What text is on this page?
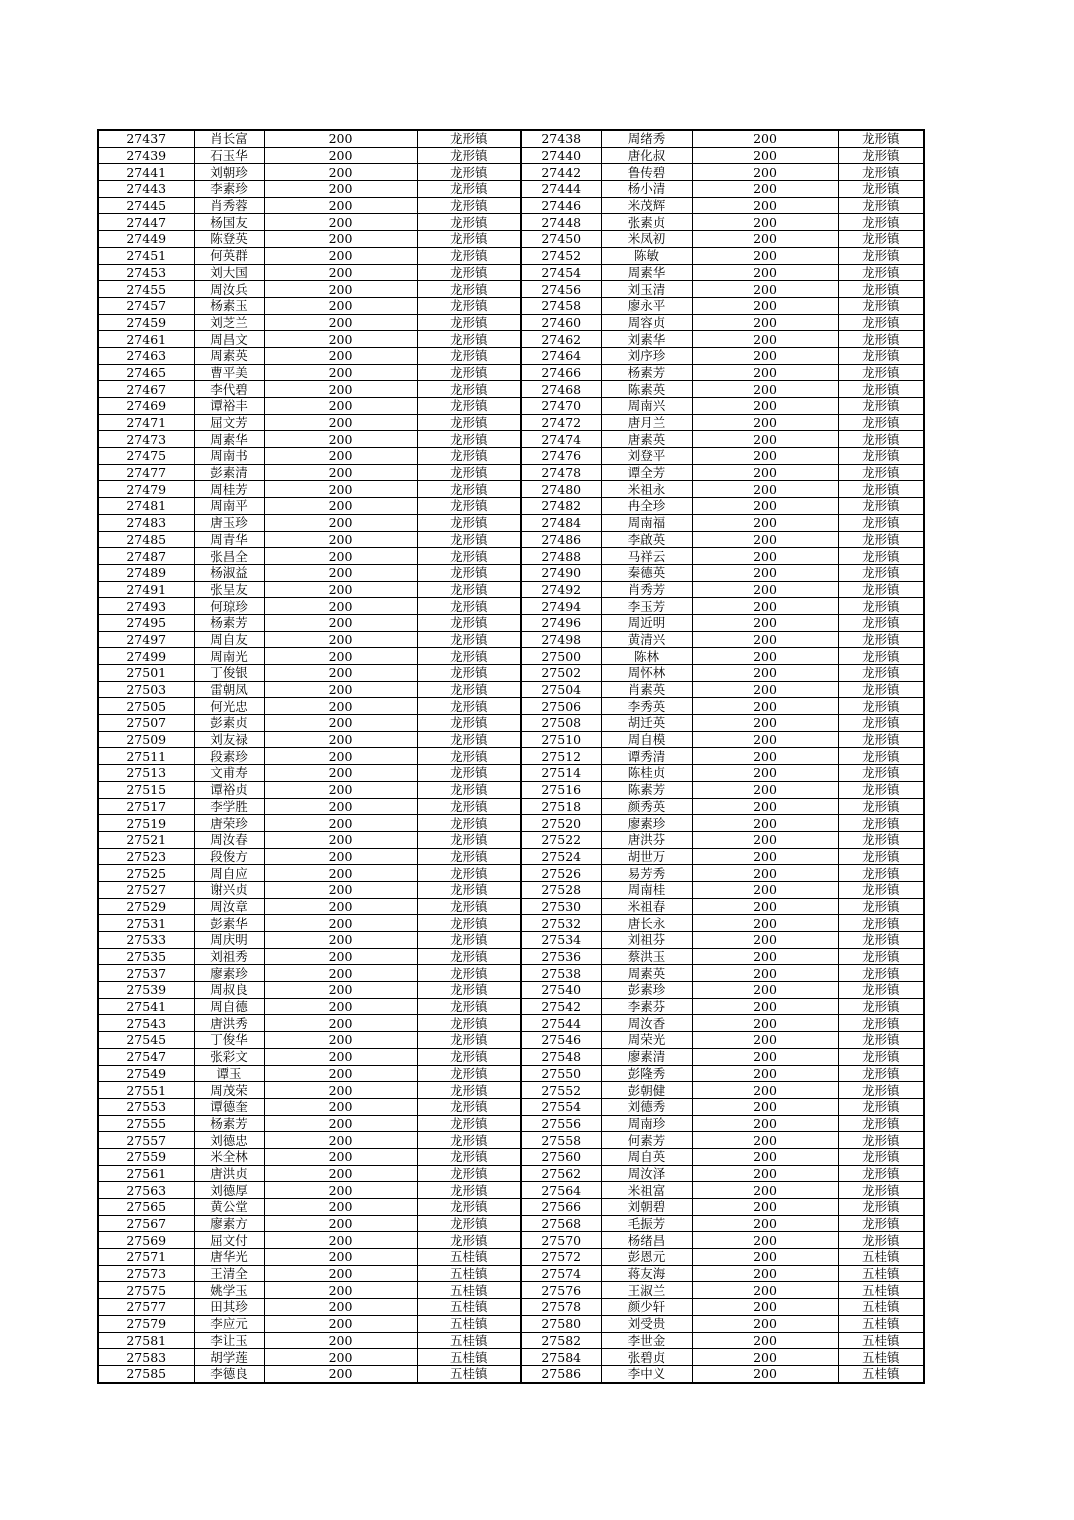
27437	肖长富	200	龙形镇	27438	周绪秀	200	龙形镇
27439	石玉华	200	龙形镇	27440	唐化叔	200	龙形镇
27441	刘朝珍	200	龙形镇	27442	鲁传碧	200	龙形镇
27443	李素珍	200	龙形镇	27444	杨小清	200	龙形镇
27445	肖秀蓉	200	龙形镇	27446	米茂辉	200	龙形镇
27447	杨国友	200	龙形镇	27448	张素贞	200	龙形镇
27449	陈登英	200	龙形镇	27450	米凤初	200	龙形镇
27451	何英群	200	龙形镇	27452	陈敏	200	龙形镇
27453	刘大国	200	龙形镇	27454	周素华	200	龙形镇
27455	周汝兵	200	龙形镇	27456	刘玉清	200	龙形镇
27457	杨素玉	200	龙形镇	27458	廖永平	200	龙形镇
27459	刘芝兰	200	龙形镇	27460	周容贞	200	龙形镇
27461	周昌文	200	龙形镇	27462	刘素华	200	龙形镇
27463	周素英	200	龙形镇	27464	刘序珍	200	龙形镇
27465	曹平美	200	龙形镇	27466	杨素芳	200	龙形镇
27467	李代碧	200	龙形镇	27468	陈素英	200	龙形镇
27469	谭裕丰	200	龙形镇	27470	周南兴	200	龙形镇
27471	屈文芳	200	龙形镇	27472	唐月兰	200	龙形镇
27473	周素华	200	龙形镇	27474	唐素英	200	龙形镇
27475	周南书	200	龙形镇	27476	刘登平	200	龙形镇
27477	彭素清	200	龙形镇	27478	谭全芳	200	龙形镇
27479	周桂芳	200	龙形镇	27480	米祖永	200	龙形镇
27481	周南平	200	龙形镇	27482	冉全珍	200	龙形镇
27483	唐玉珍	200	龙形镇	27484	周南福	200	龙形镇
27485	周青华	200	龙形镇	27486	李啟英	200	龙形镇
27487	张昌全	200	龙形镇	27488	马祥云	200	龙形镇
27489	杨淑益	200	龙形镇	27490	秦德英	200	龙形镇
27491	张呈友	200	龙形镇	27492	肖秀芳	200	龙形镇
27493	何琼珍	200	龙形镇	27494	李玉芳	200	龙形镇
27495	杨素芳	200	龙形镇	27496	周近明	200	龙形镇
27497	周自友	200	龙形镇	27498	黄清兴	200	龙形镇
27499	周南光	200	龙形镇	27500	陈林	200	龙形镇
27501	丁俊银	200	龙形镇	27502	周怀林	200	龙形镇
27503	雷朝凤	200	龙形镇	27504	肖素英	200	龙形镇
27505	何光忠	200	龙形镇	27506	李秀英	200	龙形镇
27507	彭素贞	200	龙形镇	27508	胡迁英	200	龙形镇
27509	刘友禄	200	龙形镇	27510	周自模	200	龙形镇
27511	段素珍	200	龙形镇	27512	谭秀清	200	龙形镇
27513	文甫寿	200	龙形镇	27514	陈桂贞	200	龙形镇
27515	谭裕贞	200	龙形镇	27516	陈素芳	200	龙形镇
27517	李学胜	200	龙形镇	27518	颜秀英	200	龙形镇
27519	唐荣珍	200	龙形镇	27520	廖素珍	200	龙形镇
27521	周汝春	200	龙形镇	27522	唐洪芬	200	龙形镇
27523	段俊方	200	龙形镇	27524	胡世万	200	龙形镇
27525	周自应	200	龙形镇	27526	易芳秀	200	龙形镇
27527	谢兴贞	200	龙形镇	27528	周南桂	200	龙形镇
27529	周汝章	200	龙形镇	27530	米祖春	200	龙形镇
27531	彭素华	200	龙形镇	27532	唐长永	200	龙形镇
27533	周庆明	200	龙形镇	27534	刘祖芬	200	龙形镇
27535	刘祖秀	200	龙形镇	27536	蔡洪玉	200	龙形镇
27537	廖素珍	200	龙形镇	27538	周素英	200	龙形镇
27539	周叔良	200	龙形镇	27540	彭素珍	200	龙形镇
27541	周自德	200	龙形镇	27542	李素芬	200	龙形镇
27543	唐洪秀	200	龙形镇	27544	周汝香	200	龙形镇
27545	丁俊华	200	龙形镇	27546	周荣光	200	龙形镇
27547	张彩文	200	龙形镇	27548	廖素清	200	龙形镇
27549	谭玉	200	龙形镇	27550	彭隆秀	200	龙形镇
27551	周茂荣	200	龙形镇	27552	彭朝健	200	龙形镇
27553	谭德奎	200	龙形镇	27554	刘德秀	200	龙形镇
27555	杨素芳	200	龙形镇	27556	周南珍	200	龙形镇
27557	刘德忠	200	龙形镇	27558	何素芳	200	龙形镇
27559	米全林	200	龙形镇	27560	周自英	200	龙形镇
27561	唐洪贞	200	龙形镇	27562	周汝泽	200	龙形镇
27563	刘德厚	200	龙形镇	27564	米祖富	200	龙形镇
27565	黄公堂	200	龙形镇	27566	刘朝碧	200	龙形镇
27567	廖素方	200	龙形镇	27568	毛振芳	200	龙形镇
27569	屈文付	200	龙形镇	27570	杨绪昌	200	龙形镇
27571	唐华光	200	五桂镇	27572	彭恩元	200	五桂镇
27573	王清全	200	五桂镇	27574	蒋友海	200	五桂镇
27575	姚学玉	200	五桂镇	27576	王淑兰	200	五桂镇
27577	田其珍	200	五桂镇	27578	颜少轩	200	五桂镇
27579	李应元	200	五桂镇	27580	刘受贵	200	五桂镇
27581	李让玉	200	五桂镇	27582	李世金	200	五桂镇
27583	胡学莲	200	五桂镇	27584	张碧贞	200	五桂镇
27585	李德良	200	五桂镇	27586	李中义	200	五桂镇
